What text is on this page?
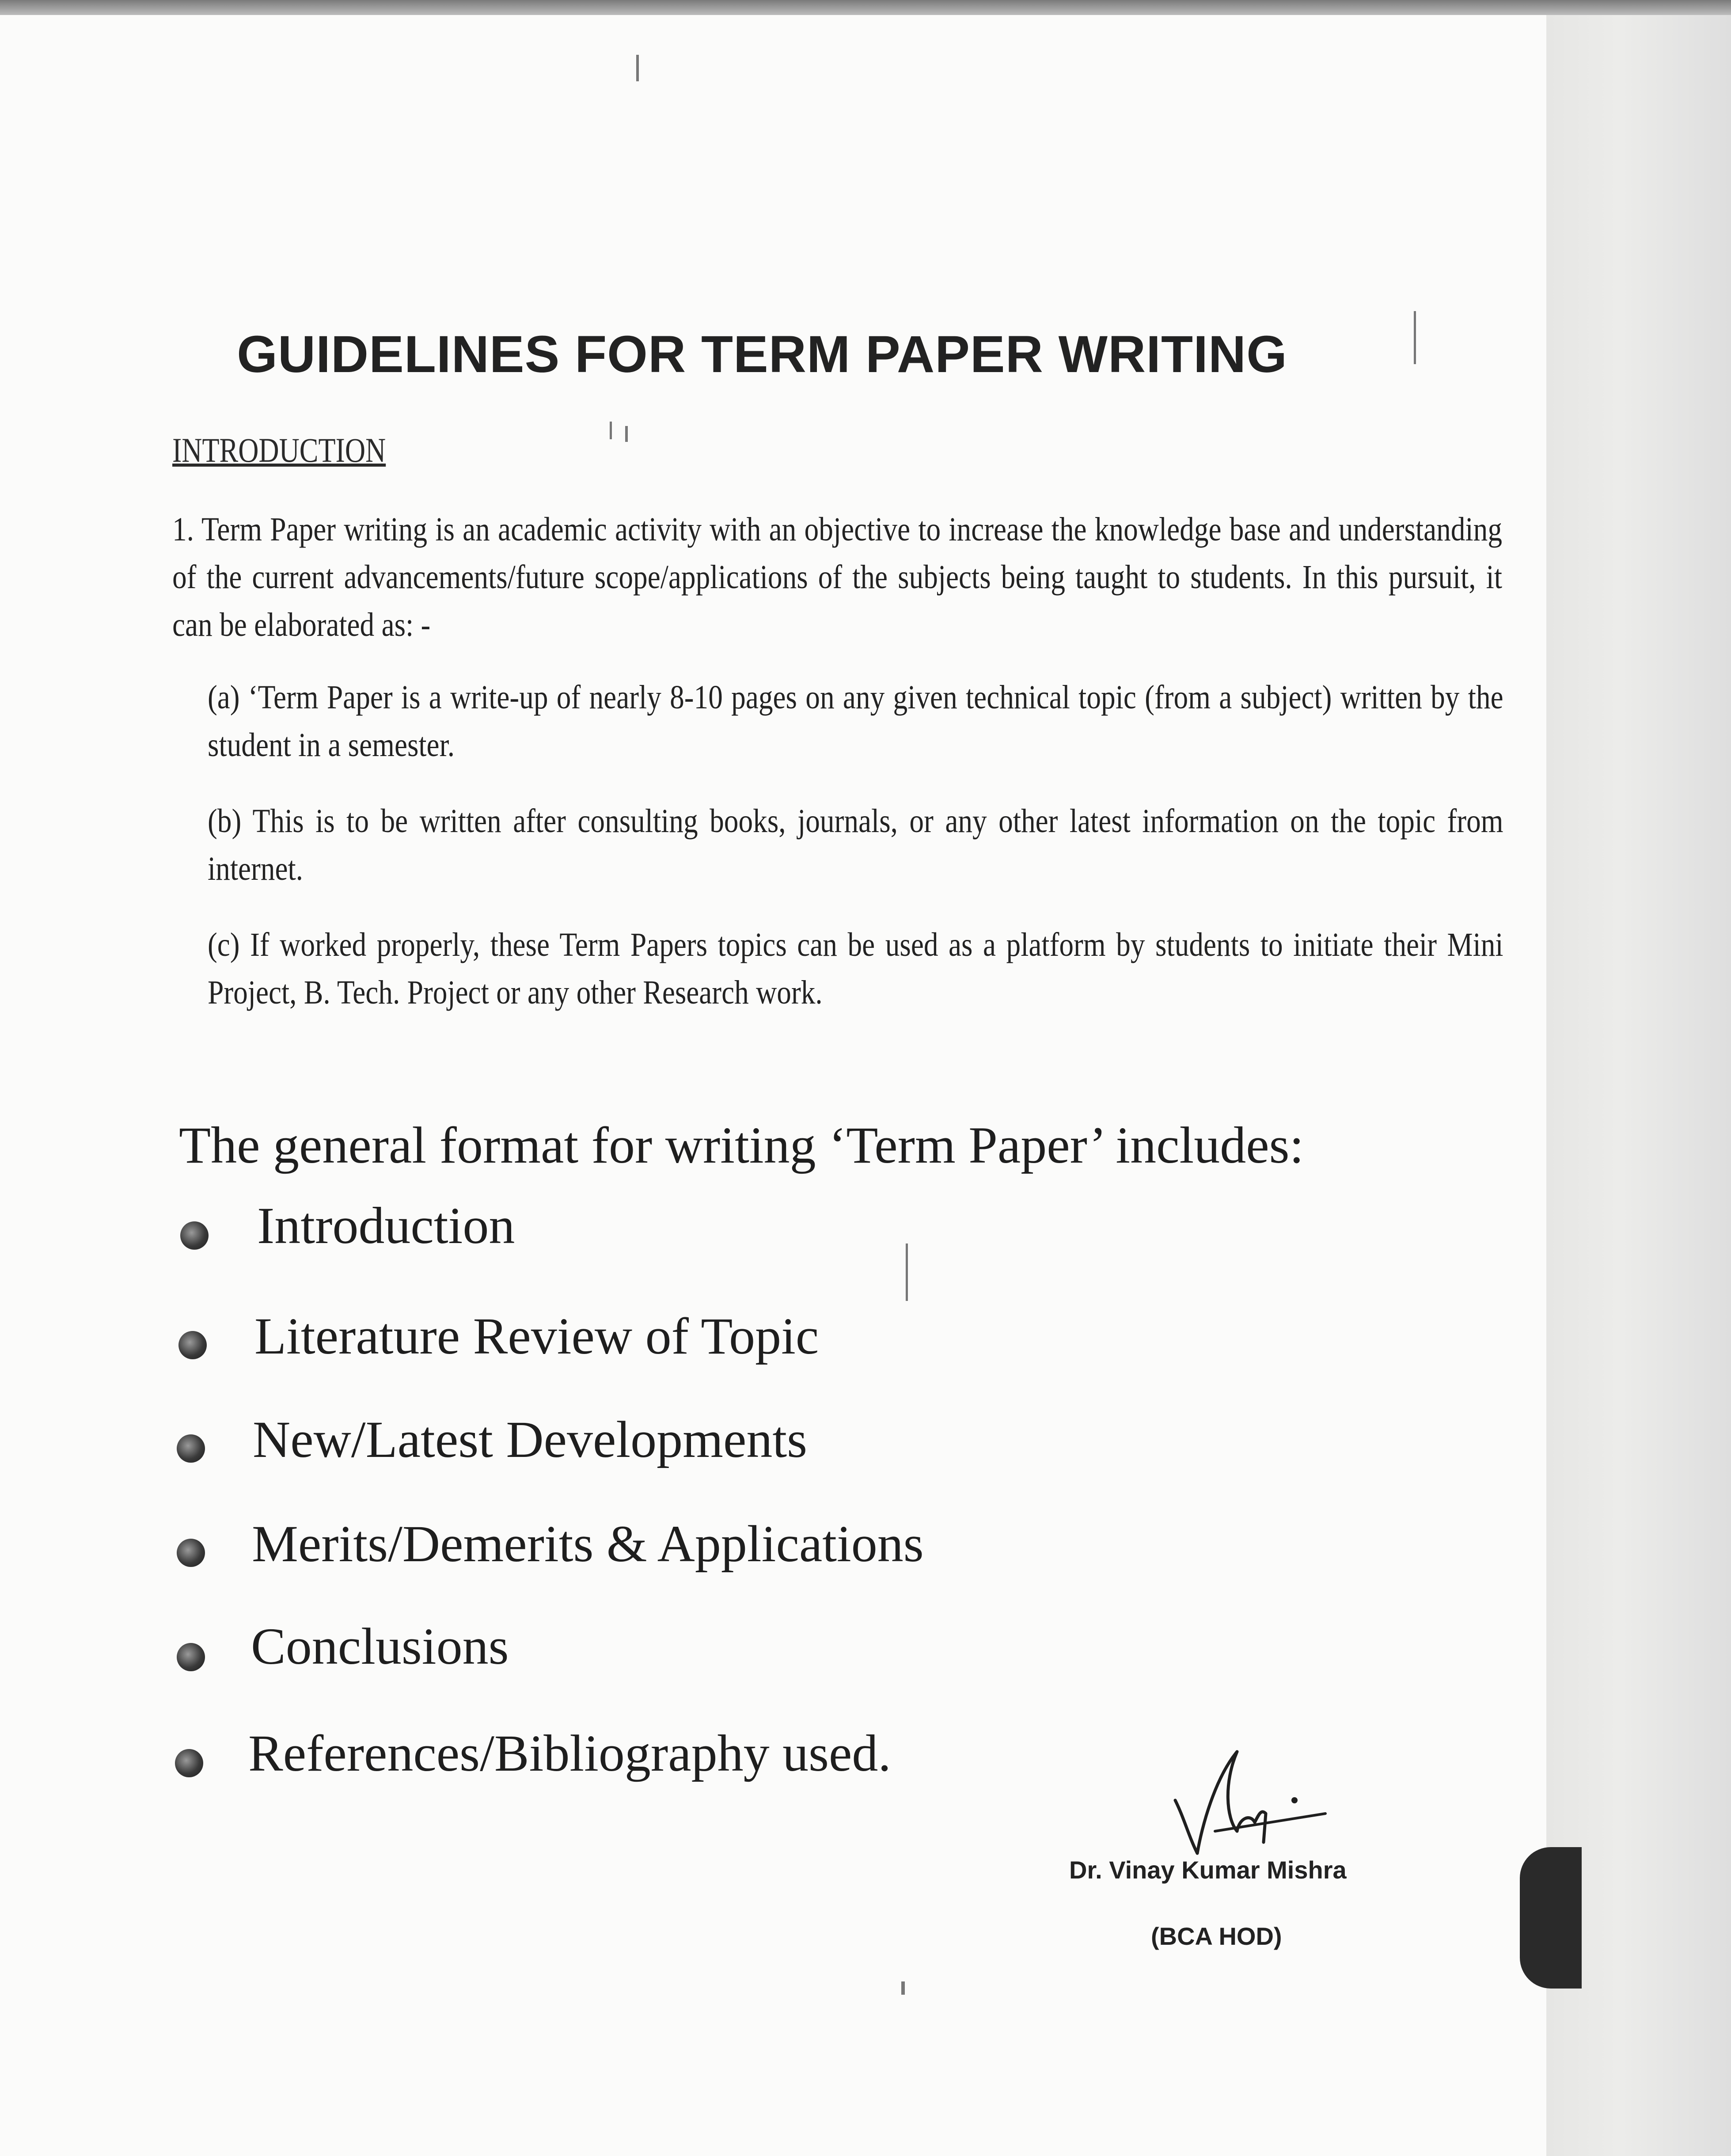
GUIDELINES FOR TERM PAPER WRITING
INTRODUCTION
1. Term Paper writing is an academic activity with an objective to increase the knowledge base and understanding of the current advancements/future scope/applications of the subjects being taught to students. In this pursuit, it can be elaborated as: -
(a) ‘Term Paper is a write-up of nearly 8-10 pages on any given technical topic (from a subject) written by the student in a semester.
(b) This is to be written after consulting books, journals, or any other latest information on the topic from internet.
(c) If worked properly, these Term Papers topics can be used as a platform by students to initiate their Mini Project, B. Tech. Project or any other Research work.
The general format for writing ‘Term Paper’ includes:
Introduction
Literature Review of Topic
New/Latest Developments
Merits/Demerits & Applications
Conclusions
References/Bibliography used.
Dr. Vinay Kumar Mishra
(BCA HOD)
